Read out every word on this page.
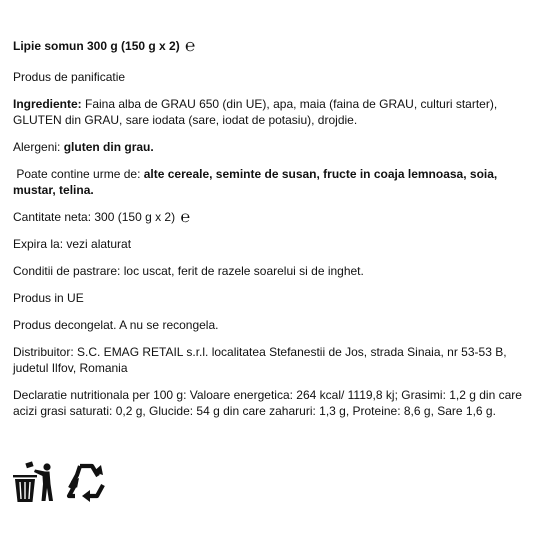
Lipie somun 300 g (150 g x 2) ℮
Produs de panificatie
Ingrediente: Faina alba de GRAU 650 (din UE), apa, maia (faina de GRAU, culturi starter), GLUTEN din GRAU, sare iodata (sare, iodat de potasiu), drojdie.
Alergeni: gluten din grau.
Poate contine urme de: alte cereale, seminte de susan, fructe in coaja lemnoasa, soia, mustar, telina.
Cantitate neta: 300 (150 g x 2) ℮
Expira la: vezi alaturat
Conditii de pastrare: loc uscat, ferit de razele soarelui si de inghet.
Produs in UE
Produs decongelat. A nu se recongela.
Distribuitor: S.C. EMAG RETAIL s.r.l. localitatea Stefanestii de Jos, strada Sinaia, nr 53-53 B, judetul Ilfov, Romania
Declaratie nutritionala per 100 g: Valoare energetica: 264 kcal/ 1119,8 kj; Grasimi: 1,2 g din care acizi grasi saturati: 0,2 g, Glucide: 54 g din care zaharuri: 1,3 g, Proteine: 8,6 g, Sare 1,6 g.
